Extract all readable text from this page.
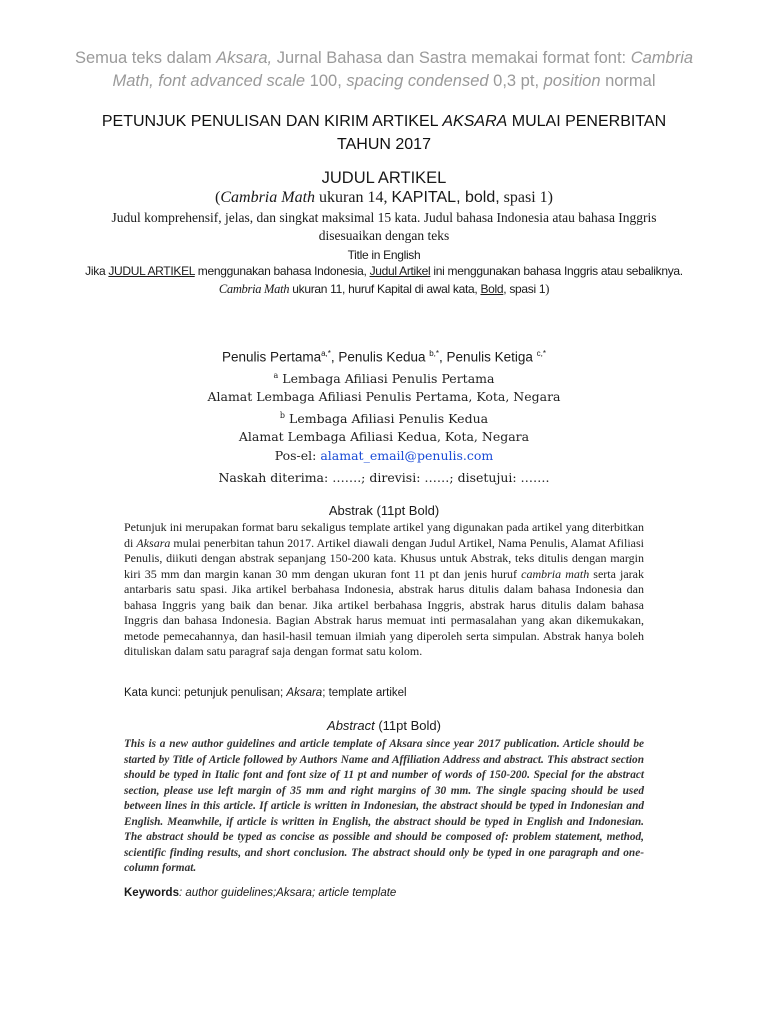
Semua teks dalam Aksara, Jurnal Bahasa dan Sastra memakai format font: Cambria Math, font advanced scale 100, spacing condensed 0,3 pt, position normal
PETUNJUK PENULISAN DAN KIRIM ARTIKEL AKSARA MULAI PENERBITAN TAHUN 2017
JUDUL ARTIKEL
(Cambria Math ukuran 14, KAPITAL, bold, spasi 1)
Judul komprehensif, jelas, dan singkat maksimal 15 kata. Judul bahasa Indonesia atau bahasa Inggris disesuaikan dengan teks
Title in English
Jika JUDUL ARTIKEL menggunakan bahasa Indonesia, Judul Artikel ini menggunakan bahasa Inggris atau sebaliknya.
Cambria Math ukuran 11, huruf Kapital di awal kata, Bold, spasi 1)
Penulis Pertama$^{a,*}$, Penulis Kedua $^{b,*}$, Penulis Ketiga $^{c,*}$
$^a$ Lembaga Afiliasi Penulis Pertama
Alamat Lembaga Afiliasi Penulis Pertama, Kota, Negara
$^b$ Lembaga Afiliasi Penulis Kedua
Alamat Lembaga Afiliasi Kedua, Kota, Negara
Pos-el: alamat_email@penulis.com
Naskah diterima: …….; direvisi: ……; disetujui: …….
Abstrak (11pt Bold)
Petunjuk ini merupakan format baru sekaligus template artikel yang digunakan pada artikel yang diterbitkan di Aksara mulai penerbitan tahun 2017. Artikel diawali dengan Judul Artikel, Nama Penulis, Alamat Afiliasi Penulis, diikuti dengan abstrak sepanjang 150-200 kata. Khusus untuk Abstrak, teks ditulis dengan margin kiri 35 mm dan margin kanan 30 mm dengan ukuran font 11 pt dan jenis huruf cambria math serta jarak antarbaris satu spasi. Jika artikel berbahasa Indonesia, abstrak harus ditulis dalam bahasa Indonesia dan bahasa Inggris yang baik dan benar. Jika artikel berbahasa Inggris, abstrak harus ditulis dalam bahasa Inggris dan bahasa Indonesia. Bagian Abstrak harus memuat inti permasalahan yang akan dikemukakan, metode pemecahannya, dan hasil-hasil temuan ilmiah yang diperoleh serta simpulan. Abstrak hanya boleh dituliskan dalam satu paragraf saja dengan format satu kolom.
Kata kunci: petunjuk penulisan; Aksara; template artikel
Abstract (11pt Bold)
This is a new author guidelines and article template of Aksara since year 2017 publication. Article should be started by Title of Article followed by Authors Name and Affiliation Address and abstract. This abstract section should be typed in Italic font and font size of 11 pt and number of words of 150-200. Special for the abstract section, please use left margin of 35 mm and right margins of 30 mm. The single spacing should be used between lines in this article. If article is written in Indonesian, the abstract should be typed in Indonesian and English. Meanwhile, if article is written in English, the abstract should be typed in English and Indonesian. The abstract should be typed as concise as possible and should be composed of: problem statement, method, scientific finding results, and short conclusion. The abstract should only be typed in one paragraph and one-column format.
Keywords: author guidelines;Aksara; article template
